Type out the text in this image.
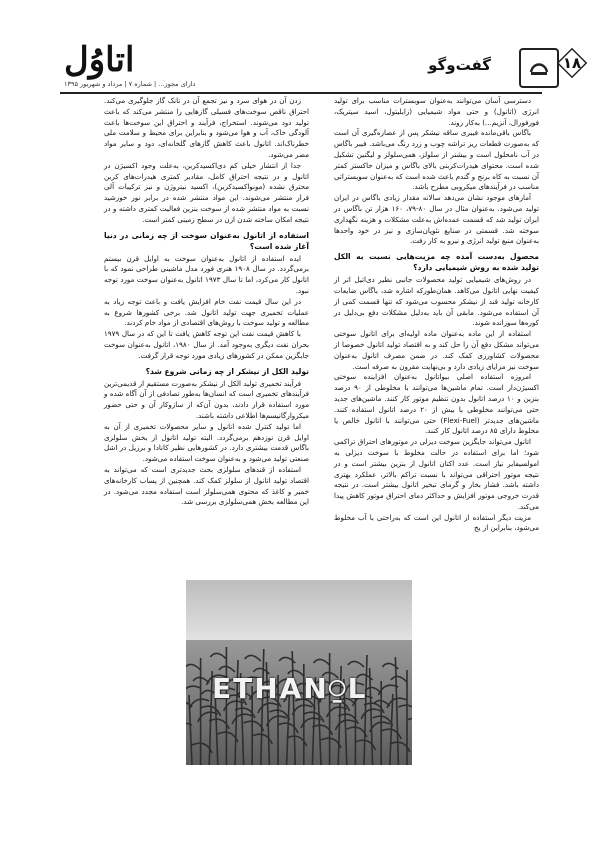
۱۸
گفت‌وگو
اتاوُل
دارای مجوز... | شماره ۷ | مرداد و شهریور ۱۳۹۵

دسترسی آسان می‌توانند به‌عنوان سوبسترات مناسب برای تولید انرژی (اتانول) و حتی مواد شیمیایی (زایلیتول، اسید سیتریک، فورفورال، آنزیم...) به‌کار روند.

باگاس باقی‌مانده فیبری ساقه نیشکر پس از عصاره‌گیری آن است که به‌صورت قطعات ریز تراشه چوب و زرد رنگ می‌باشد. فیبر باگاس در آب نامحلول است و بیشتر از سلولز، همی‌سلولز و لیگنین تشکیل شده است. محتوای هیدرات‌کربنی بالای باگاس و میزان خاکستر کمتر آن نسبت به کاه برنج و گندم باعث شده است که به‌عنوان سوبستراتی مناسب در فرآیندهای میکروبی مطرح باشد.

آمارهای موجود نشان می‌دهد سالانه مقدار زیادی باگاس در ایران تولید می‌شود. به‌عنوان مثال در سال ۸۰-۷۹، ۱۶۰ هزار تن باگاس در ایران تولید شد که قسمت عمده‌اش به‌علت مشکلات و هزینه نگهداری سوخته شد. قسمتی در صنایع نئوپان‌سازی و نیز در خود واحدها به‌عنوان منبع تولید انرژی و نیرو به کار رفت.

محصول به‌دست آمده چه مزیت‌هایی نسبت به الکل تولید شده به روش شیمیایی دارد؟

در روش‌های شیمیایی تولید محصولات جانبی نظیر دی‌اتیل اتر از کیفیت نهایی اتانول می‌کاهد. همان‌طورکه اشاره شد، باگاس ضایعات کارخانه تولید قند از نیشکر محسوب می‌شود که تنها قسمت کمی از آن استفاده می‌شود. مابقی آن باید به‌دلیل مشکلات دفع بی‌دلیل در کوره‌ها سوزانده شوند.

استفاده از این ماده به‌عنوان ماده اولیه‌ای برای اتانول سوختی می‌تواند مشکل دفع آن را حل کند و به اقتصاد تولید اتانول خصوصا از محصولات کشاورزی کمک کند. در ضمن مصرف اتانول به‌عنوان سوخت نیز مزایای زیادی دارد و بی‌نهایت مقرون به صرفه است.

امروزه استفاده اصلی بیواتانول به‌عنوان افزاینده سوختی اکسیژن‌دار است. تمام ماشین‌ها می‌توانند با مخلوطی از ۹۰ درصد بنزین و ۱۰ درصد اتانول بدون تنظیم موتور کار کنند. ماشین‌های جدید حتی می‌توانند مخلوطی با بیش از ۲۰ درصد اتانول استفاده کنند. ماشین‌های جدیدتر (Flexi-Fuel) حتی می‌توانند با اتانول خالص یا مخلوط دارای ۸۵ درصد اتانول کار کنند.

اتانول می‌تواند جایگزین سوخت دیزلی در موتورهای احتراق تراکمی شود؛ اما برای استفاده در حالت مخلوط با سوخت دیزلی به امولسیفایر نیاز است. عدد اکتان اتانول از بنزین بیشتر است و در نتیجه موتور احتراقی می‌تواند با نسبت تراکم بالاتر، عملکرد بهتری داشته باشد. فشار بخار و گرمای تبخیر اتانول بیشتر است. در نتیجه قدرت خروجی موتور افزایش و حداکثر دمای احتراق موتور کاهش پیدا می‌کند.

مزیت دیگر استفاده از اتانول این است که به‌راحتی با آب مخلوط می‌شود، بنابراین از یخ

زدن آن در هوای سرد و نیز تجمع آن در تانک گاز جلوگیری می‌کند. احتراق ناقص سوخت‌های فسیلی گازهایی را منتشر می‌کند که باعث تولید دود می‌شوند. استخراج، فرآیند و احتراق این سوخت‌ها باعث آلودگی خاک، آب و هوا می‌شود و بنابراین برای محیط و سلامت ملی خطرناک‌اند. اتانول باعث کاهش گازهای گلخانه‌ای، دود و سایر مواد مضر می‌شود.

جدا از انتشار خیلی کم دی‌اکسیدکربن، به‌علت وجود اکسیژن در اتانول و در نتیجه احتراق کامل، مقادیر کمتری هیدرات‌های کربن محترق نشده (مونواکسیدکربن)، اکسید نیتروژن و نیز ترکیبات آلی فرار منتشر می‌شوند. این مواد منتشر شده در برابر نور خورشید نسبت به مواد منتشر شده از سوخت بنزین فعالیت کمتری داشته و در نتیجه امکان ساخته شدن ازن در سطح زمینی کمتر است.

استفاده از اتانول به‌عنوان سوخت از چه زمانی در دنیا آغاز شده است؟

ایده استفاده از اتانول به‌عنوان سوخت به اوایل قرن بیستم برمی‌گردد. در سال ۱۹۰۸ هنری فورد مدل ماشینی طراحی نمود که با اتانول کار می‌کرد، اما تا سال ۱۹۷۳ اتانول به‌عنوان سوخت مورد توجه نبود.

در این سال قیمت نفت خام افزایش یافت و باعث توجه زیاد به عملیات تخمیری جهت تولید اتانول شد. برخی کشورها شروع به مطالعه و تولید سوخت با روش‌های اقتصادی از مواد خام کردند.

با کاهش قیمت نفت این توجه کاهش یافت تا این که در سال ۱۹۷۹ بحران نفت دیگری به‌وجود آمد. از سال ۱۹۸۰، اتانول به‌عنوان سوخت جایگزین ممکن در کشورهای زیادی مورد توجه قرار گرفت.

تولید الکل از نیشکر از چه زمانی شروع شد؟

فرآیند تخمیری تولید الکل از نیشکر به‌صورت مستقیم از قدیمی‌ترین فرآیندهای تخمیری است که انسان‌ها به‌طور تصادفی از آن آگاه شده و مورد استفاده قرار دادند، بدون آن‌که از سازوکار آن و حتی حضور میکروارگانیسم‌ها اطلاعی داشته باشند.

اما تولید کنترل شده اتانول و سایر محصولات تخمیری از آن به اوایل قرن نوزدهم برمی‌گردد. البته تولید اتانول از بخش سلولزی باگاس قدمت بیشتری دارد. در کشورهایی نظیر کانادا و برزیل در اشل صنعتی تولید می‌شود و به‌عنوان سوخت استفاده می‌شود.

استفاده از قندهای سلولزی بحث جدیدتری است که می‌تواند به اقتصاد تولید اتانول از سلولز کمک کند. همچنین از پساب کارخانه‌های خمیر و کاغذ که محتوی همی‌سلولز است استفاده مجدد می‌شود. در این مطالعه بخش همی‌سلولزی بررسی شد.

ETHAN⍜L
